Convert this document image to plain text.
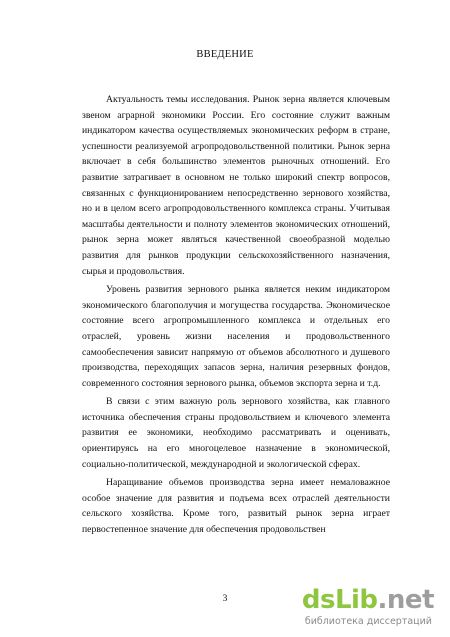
ВВЕДЕНИЕ

Актуальность темы исследования. Рынок зерна является ключевым звеном аграрной экономики России. Его состояние служит важным индикатором качества осуществляемых экономических реформ в стране, успешности реализуемой агропродовольственной политики. Рынок зерна включает в себя большинство элементов рыночных отношений. Его развитие затрагивает в основном не только широкий спектр вопросов, связанных с функционированием непосредственно зернового хозяйства, но и в целом всего агропродовольственного комплекса страны. Учитывая масштабы деятельности и полноту элементов экономических отношений, рынок зерна может являться качественной своеобразной моделью развития для рынков продукции сельскохозяйственного назначения, сырья и продовольствия.

Уровень развития зернового рынка является неким индикатором экономического благополучия и могущества государства. Экономическое состояние всего агропромышленного комплекса и отдельных его отраслей, уровень жизни населения и продовольственного самообеспечения зависит напрямую от объемов абсолютного и душевого производства, переходящих запасов зерна, наличия резервных фондов, современного состояния зернового рынка, объемов экспорта зерна и т.д.

В связи с этим важную роль зернового хозяйства, как главного источника обеспечения страны продовольствием и ключевого элемента развития ее экономики, необходимо рассматривать и оценивать, ориентируясь на его многоцелевое назначение в экономической, социально-политической, международной и экологической сферах.

Наращивание объемов производства зерна имеет немаловажное особое значение для развития и подъема всех отраслей деятельности сельского хозяйства. Кроме того, развитый рынок зерна играет первостепенное значение для обеспечения продовольствен

3	dsLib.net
библиотека диссертаций
